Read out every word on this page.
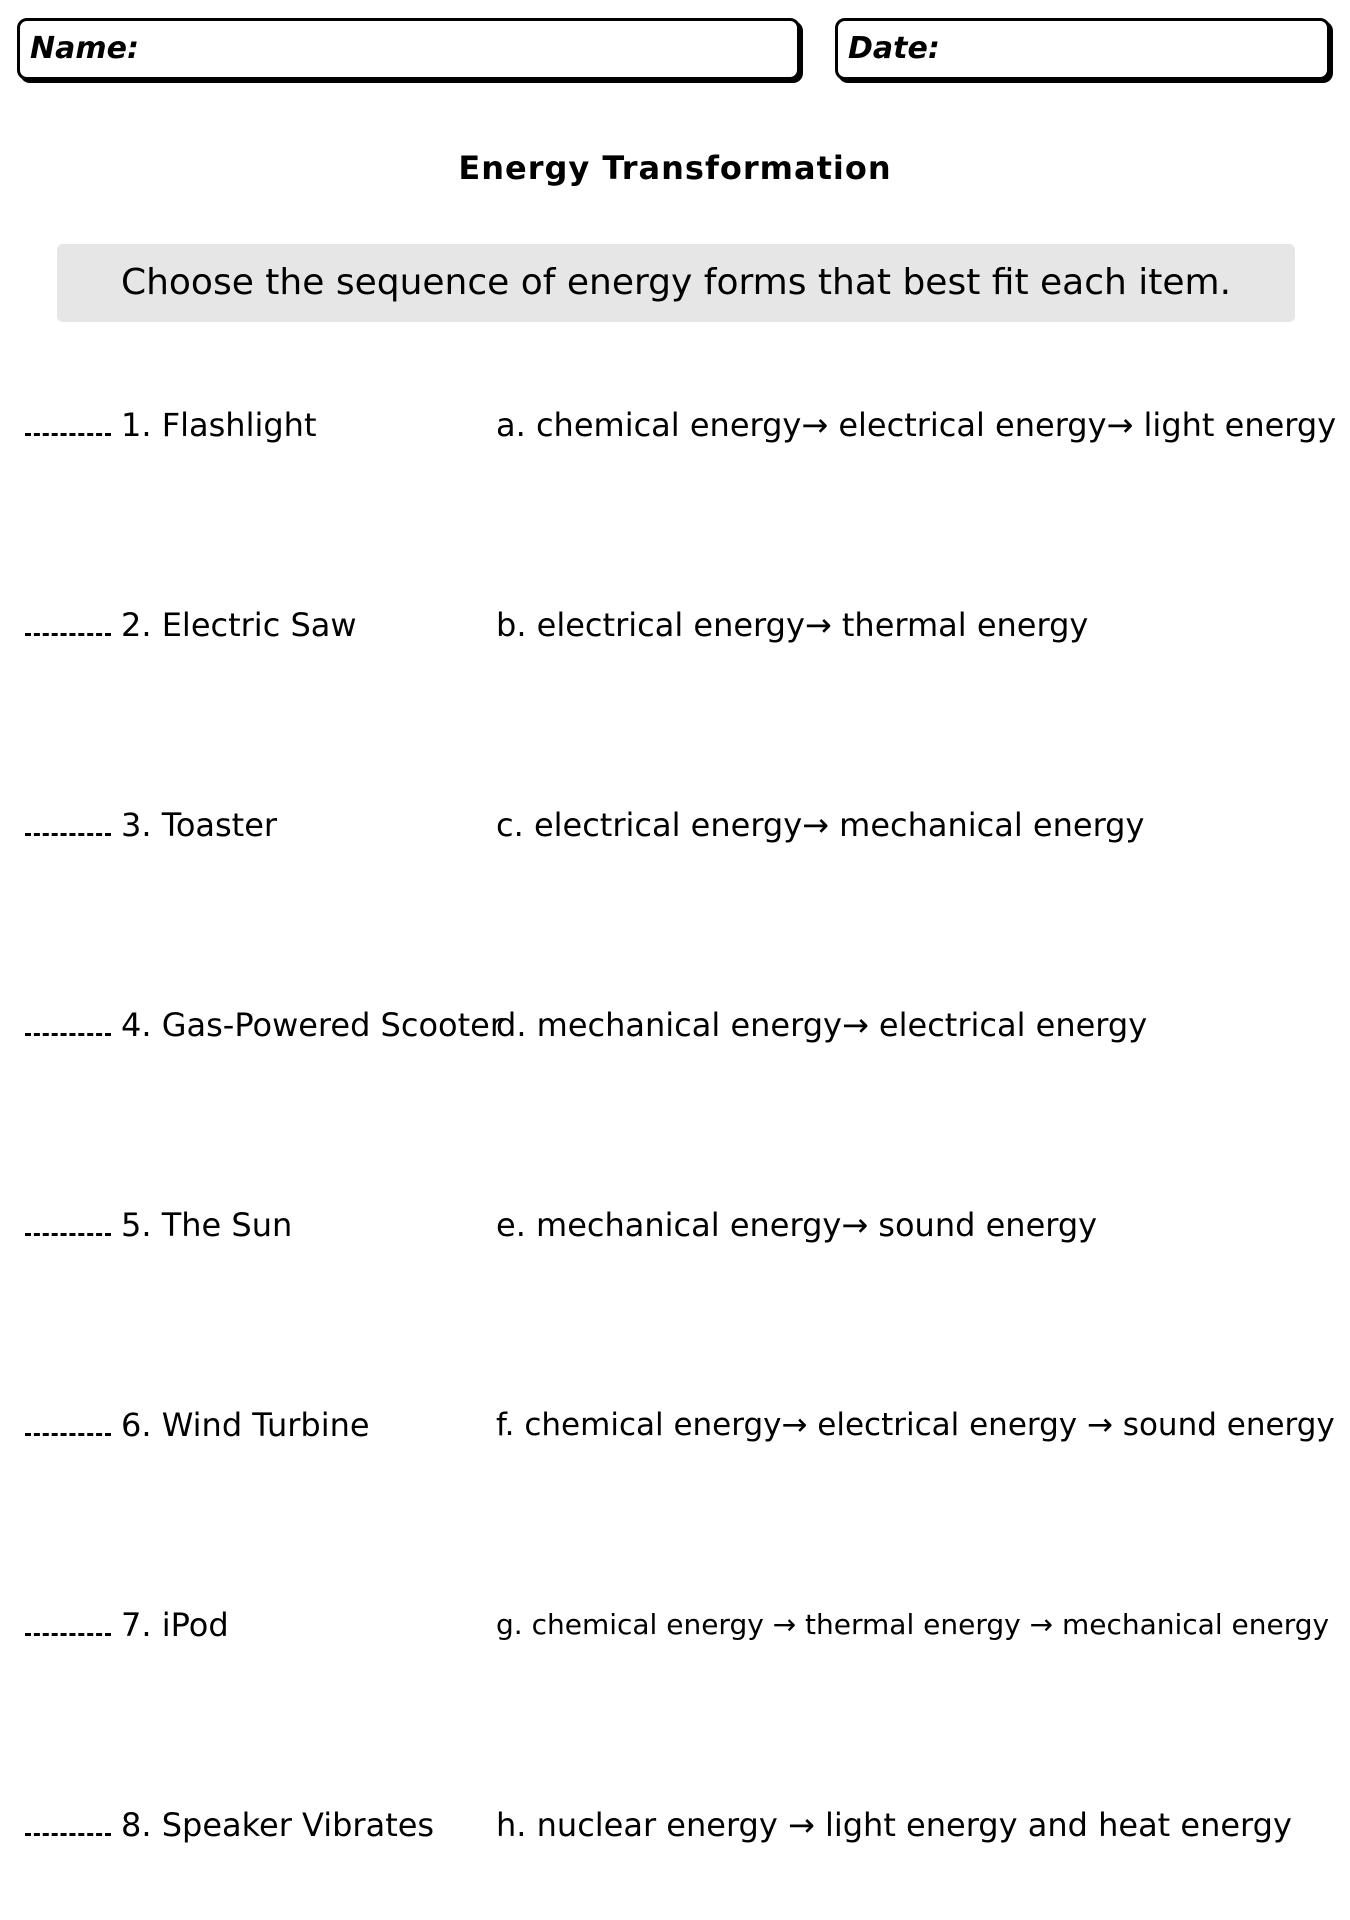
Name:	Date:
Energy Transformation
Choose the sequence of energy forms that best fit each item.
1. Flashlight	a. chemical energy→ electrical energy→ light energy
2. Electric Saw	b. electrical energy→ thermal energy
3. Toaster	c. electrical energy→ mechanical energy
4. Gas-Powered Scooter
d. mechanical energy→ electrical energy
5. The Sun	e. mechanical energy→ sound energy
6. Wind Turbine	f. chemical energy→ electrical energy → sound energy
7. iPod	g. chemical energy → thermal energy → mechanical energy
8. Speaker Vibrates h. nuclear energy → light energy and heat energy
